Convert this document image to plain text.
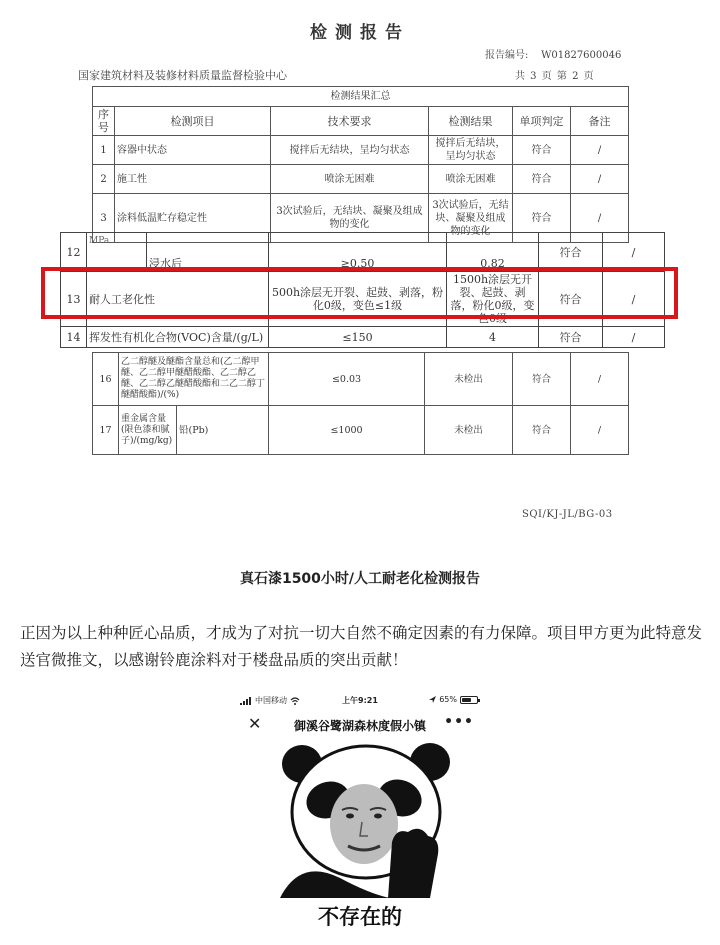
检测报告
报告编号: W01827600046
国家建筑材料及装修材料质量监督检验中心	共 3 页 第 2 页
检测结果汇总					
序号	检测项目	技术要求	检测结果	单项判定	备注
1	容器中状态	搅拌后无结块，呈均匀状态	搅拌后无结块，呈均匀状态	符合	/
2	施工性	喷涂无困难	喷涂无困难	符合	/
3	涂料低温贮存稳定性	3次试验后，无结块、凝聚及组成物的变化	3次试验后，无结块、凝聚及组成物的变化	符合	/
12	MPa	浸水后	≥0.50	0.82	符合	/
13	耐人工老化性		500h涂层无开裂、起鼓、剥落，粉化0级，变色≤1级	1500h涂层无开裂、起鼓、剥落，粉化0级，变色0级	符合	/
14	挥发性有机化合物(VOC)含量/(g/L)		≤150	4	符合	/
16	乙二醇醚及醚酯含量总和(乙二醇甲醚、乙二醇甲醚醋酸酯、乙二醇乙醚、乙二醇乙醚醋酸酯和二乙二醇丁醚醋酸酯)/(%)		≤0.03	未检出	符合	/
17	重金属含量(限色漆和腻子)/(mg/kg)	铅(Pb)	≤1000	未检出	符合	/
SQI/KJ-JL/BG-03
真石漆1500小时/人工耐老化检测报告
正因为以上种种匠心品质，才成为了对抗一切大自然不确定因素的有力保障。项目甲方更为此特意发送官微推文，以感谢铃鹿涂料对于楼盘品质的突出贡献！
中国移动	上午9:21	65%
✕	御溪谷鹭湖森林度假小镇	•••
不存在的
